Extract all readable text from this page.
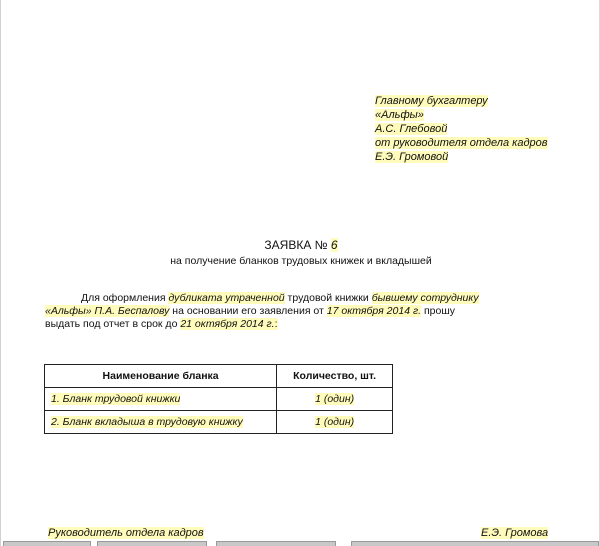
Главному бухгалтеру
«Альфы»
А.С. Глебовой
от руководителя отдела кадров
Е.Э. Громовой
ЗАЯВКА № 6
на получение бланков трудовых книжек и вкладышей
Для оформления дубликата утраченной трудовой книжки бывшему сотруднику
«Альфы» П.А. Беспалову на основании его заявления от 17 октября 2014 г. прошу
выдать под отчет в срок до 21 октября 2014 г.:
Наименование бланка	Количество, шт.
1. Бланк трудовой книжки	1 (один)
2. Бланк вкладыша в трудовую книжку	1 (один)
Руководитель отдела кадров	Е.Э. Громова
